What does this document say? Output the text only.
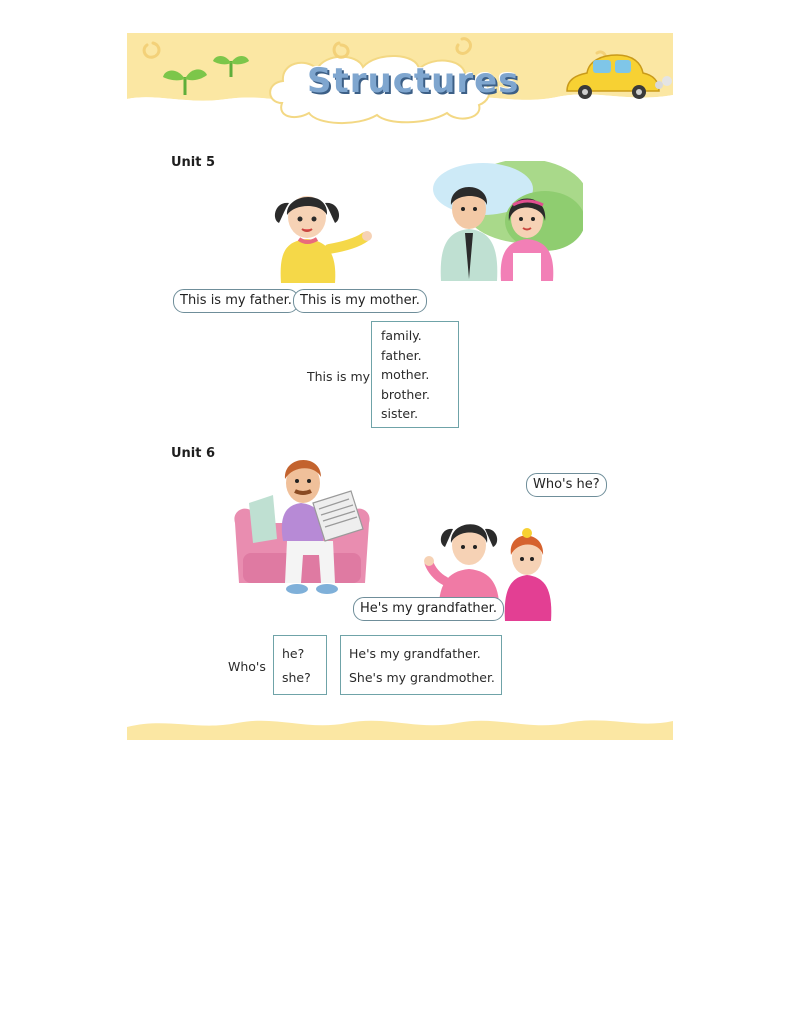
Structures
Unit 5
This is my father. This is my mother.
This is my
family.
father.
mother.
brother.
sister.
Unit 6
Who's he?
He's my grandfather.
Who's
he?
she?
He's my grandfather.
She's my grandmother.
